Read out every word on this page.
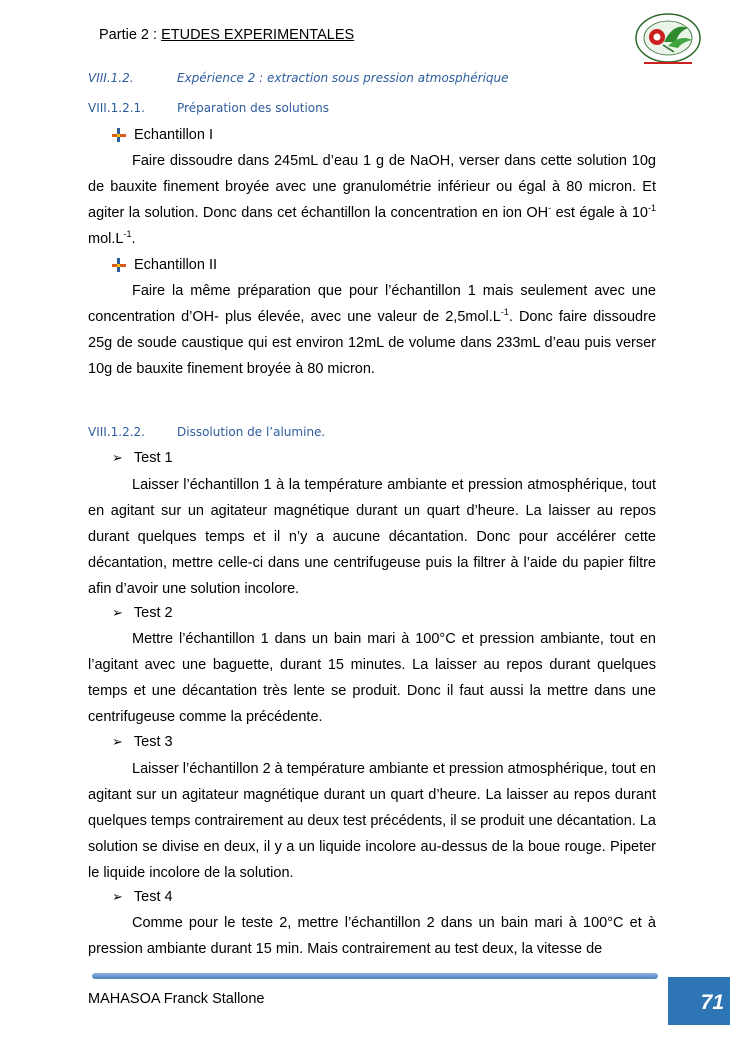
Partie 2 : ETUDES EXPERIMENTALES
VIII.1.2.	Expérience 2 : extraction sous pression atmosphérique
VIII.1.2.1.	Préparation des solutions
Echantillon I

Faire dissoudre dans 245mL d’eau 1 g de NaOH, verser dans cette solution 10g de bauxite finement broyée avec une granulométrie inférieur ou égal à 80 micron. Et agiter la solution. Donc dans cet échantillon la concentration en ion OH- est égale à $10^{-1}$ $mol.L^{-1}$.

Echantillon II

Faire la même préparation que pour l’échantillon 1 mais seulement avec une concentration d’OH- plus élevée, avec une valeur de $2,5mol.L^{-1}$. Donc faire dissoudre 25g de soude caustique qui est environ 12mL de volume dans 233mL d’eau puis verser 10g de bauxite finement broyée à 80 micron.

VIII.1.2.2.	Dissolution de l’alumine.
➢ Test 1

Laisser l’échantillon 1 à la température ambiante et pression atmosphérique, tout en agitant sur un agitateur magnétique durant un quart d’heure. La laisser au repos durant quelques temps et il n’y a aucune décantation. Donc pour accélérer cette décantation, mettre celle-ci dans une centrifugeuse puis la filtrer à l’aide du papier filtre afin d’avoir une solution incolore.

➢ Test 2

Mettre l’échantillon 1 dans un bain mari à 100°C et pression ambiante, tout en l’agitant avec une baguette, durant 15 minutes. La laisser au repos durant quelques temps et une décantation très lente se produit. Donc il faut aussi la mettre dans une centrifugeuse comme la précédente.

➢ Test 3

Laisser l’échantillon 2 à température ambiante et pression atmosphérique, tout en agitant sur un agitateur magnétique durant un quart d’heure. La laisser au repos durant quelques temps contrairement au deux test précédents, il se produit une décantation. La solution se divise en deux, il y a un liquide incolore au-dessus de la boue rouge. Pipeter le liquide incolore de la solution.

➢ Test 4

Comme pour le teste 2, mettre l’échantillon 2 dans un bain mari à 100°C et à pression ambiante durant 15 min. Mais contrairement au test deux, la vitesse de

MAHASOA Franck Stallone	71
